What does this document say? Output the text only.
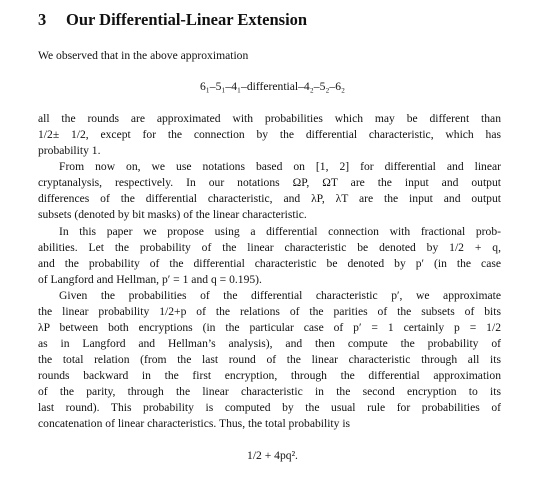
3 Our Differential-Linear Extension

We observed that in the above approximation

6₁–5₁–4₁–differential–4₂–5₂–6₂

all the rounds are approximated with probabilities which may be different than

1/2± 1/2, except for the connection by the differential characteristic, which has

probability 1.

From now on, we use notations based on [1, 2] for differential and linear

cryptanalysis, respectively. In our notations ΩP, ΩT are the input and output

differences of the differential characteristic, and λP, λT are the input and output

subsets (denoted by bit masks) of the linear characteristic.

In this paper we propose using a differential connection with fractional prob-

abilities. Let the probability of the linear characteristic be denoted by 1/2 + q,

and the probability of the differential characteristic be denoted by p′ (in the case

of Langford and Hellman, p′ = 1 and q = 0.195).

Given the probabilities of the differential characteristic p′, we approximate

the linear probability 1/2+p of the relations of the parities of the subsets of bits

λP between both encryptions (in the particular case of p′ = 1 certainly p = 1/2

as in Langford and Hellman’s analysis), and then compute the probability of

the total relation (from the last round of the linear characteristic through all its

rounds backward in the first encryption, through the differential approximation

of the parity, through the linear characteristic in the second encryption to its

last round). This probability is computed by the usual rule for probabilities of

concatenation of linear characteristics. Thus, the total probability is

1/2 + 4pq².
